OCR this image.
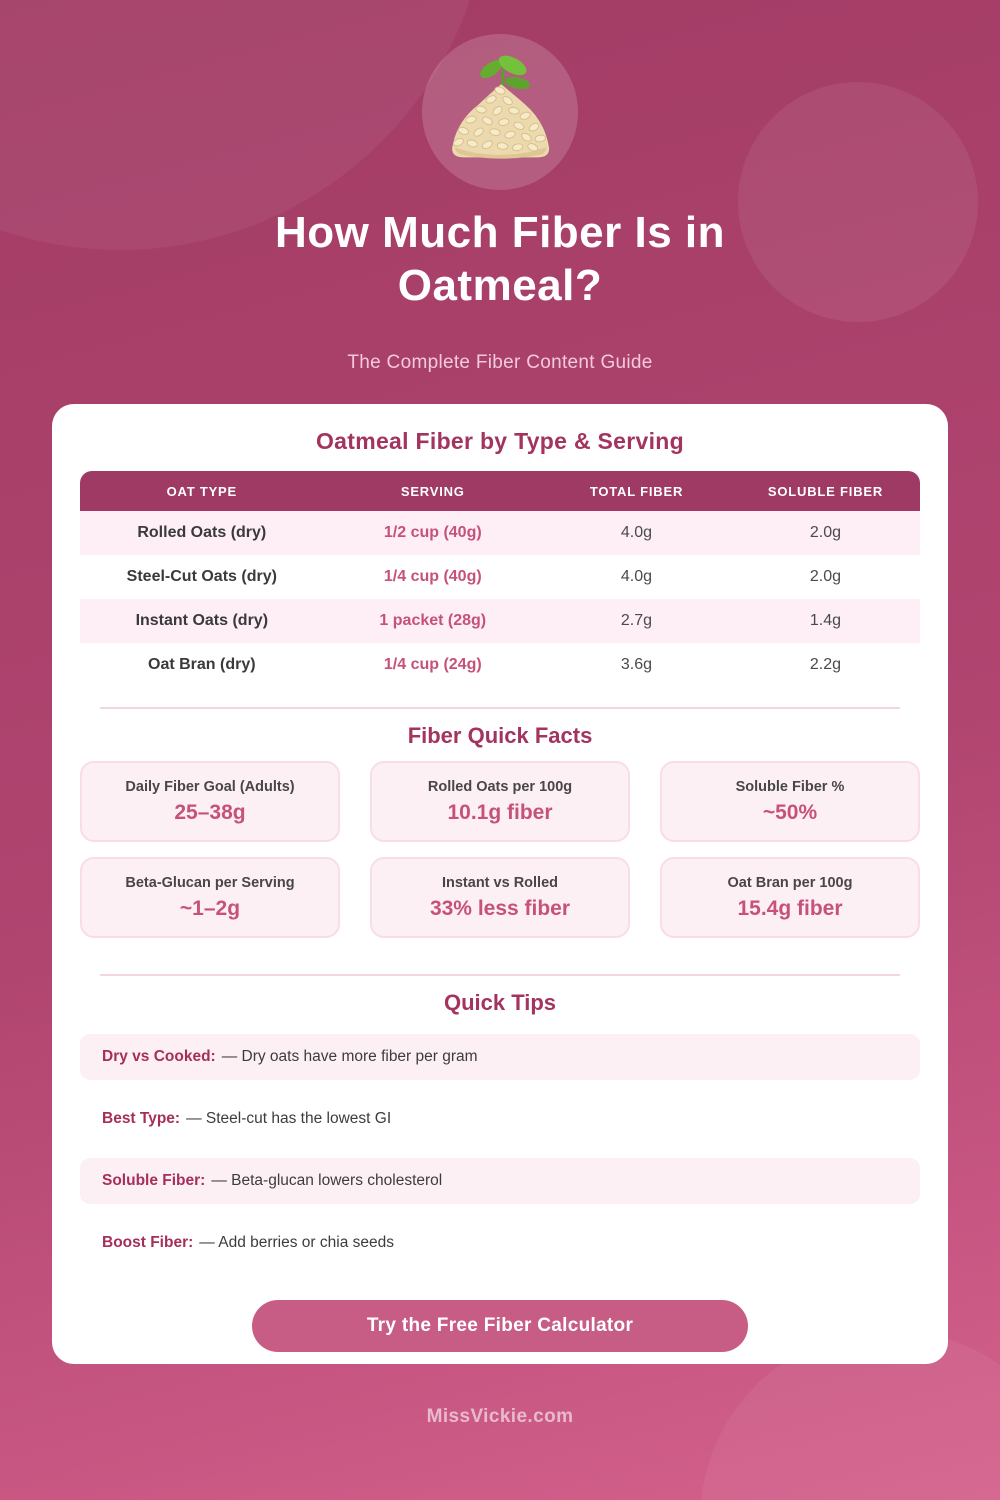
How Much Fiber Is in
Oatmeal?
The Complete Fiber Content Guide
Oatmeal Fiber by Type & Serving
OAT TYPE	SERVING	TOTAL FIBER	SOLUBLE FIBER
Rolled Oats (dry)	1/2 cup (40g)	4.0g	2.0g
Steel-Cut Oats (dry)	1/4 cup (40g)	4.0g	2.0g
Instant Oats (dry)	1 packet (28g)	2.7g	1.4g
Oat Bran (dry)	1/4 cup (24g)	3.6g	2.2g
Fiber Quick Facts
Daily Fiber Goal (Adults)
25–38g
Rolled Oats per 100g
10.1g fiber
Soluble Fiber %
~50%
Beta-Glucan per Serving
~1–2g
Instant vs Rolled
33% less fiber
Oat Bran per 100g
15.4g fiber
Quick Tips
Dry vs Cooked: — Dry oats have more fiber per gram
Best Type: — Steel-cut has the lowest GI
Soluble Fiber: — Beta-glucan lowers cholesterol
Boost Fiber: — Add berries or chia seeds
Try the Free Fiber Calculator
MissVickie.com
